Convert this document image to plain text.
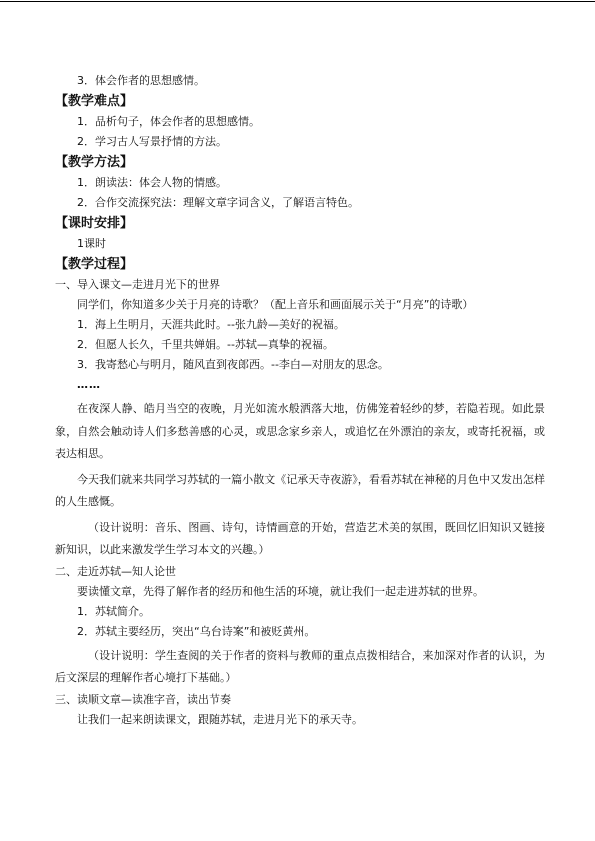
3．体会作者的思想感情。
【教学难点】
1．品析句子，体会作者的思想感情。
2．学习古人写景抒情的方法。
【教学方法】
1．朗读法：体会人物的情感。
2．合作交流探究法：理解文章字词含义，了解语言特色。
【课时安排】
1课时
【教学过程】
一、导入课文—走进月光下的世界
同学们，你知道多少关于月亮的诗歌？（配上音乐和画面展示关于“月亮”的诗歌）
1．海上生明月，天涯共此时。--张九龄—美好的祝福。
2．但愿人长久，千里共婵娟。--苏轼—真挚的祝福。
3．我寄愁心与明月，随风直到夜郎西。--李白—对朋友的思念。
……
在夜深人静、皓月当空的夜晚，月光如流水般洒落大地，仿佛笼着轻纱的梦，若隐若现。如此景象，自然会触动诗人们多愁善感的心灵，或思念家乡亲人，或追忆在外漂泊的亲友，或寄托祝福，或表达相思。
今天我们就来共同学习苏轼的一篇小散文《记承天寺夜游》，看看苏轼在神秘的月色中又发出怎样的人生感慨。
（设计说明：音乐、图画、诗句，诗情画意的开始，营造艺术美的氛围，既回忆旧知识又链接新知识，以此来激发学生学习本文的兴趣。）
二、走近苏轼—知人论世
要读懂文章，先得了解作者的经历和他生活的环境，就让我们一起走进苏轼的世界。
1．苏轼简介。
2．苏轼主要经历，突出“乌台诗案”和被贬黄州。
（设计说明：学生查阅的关于作者的资料与教师的重点点拨相结合，来加深对作者的认识，为后文深层的理解作者心境打下基础。）
三、读顺文章—读准字音，读出节奏
让我们一起来朗读课文，跟随苏轼，走进月光下的承天寺。
